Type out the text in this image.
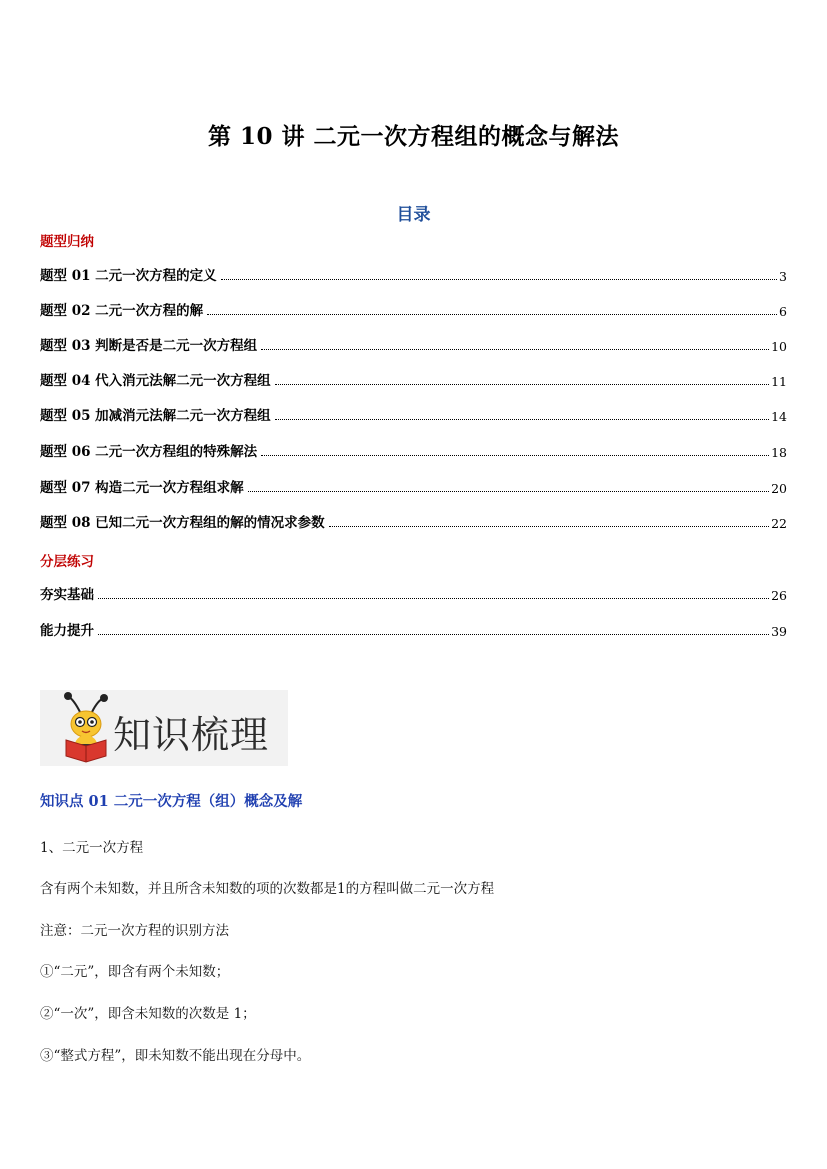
第 10 讲 二元一次方程组的概念与解法
目录
题型归纳
题型 01 二元一次方程的定义	3
题型 02 二元一次方程的解	6
题型 03 判断是否是二元一次方程组	10
题型 04 代入消元法解二元一次方程组	11
题型 05 加减消元法解二元一次方程组	14
题型 06 二元一次方程组的特殊解法	18
题型 07 构造二元一次方程组求解	20
题型 08 已知二元一次方程组的解的情况求参数	22
分层练习
夯实基础	26
能力提升	39
知识梳理
知识点 01 二元一次方程（组）概念及解
1、二元一次方程
含有两个未知数，并且所含未知数的项的次数都是1的方程叫做二元一次方程
注意：二元一次方程的识别方法
①“二元”，即含有两个未知数；
②“一次”，即含未知数的次数是 1；
③“整式方程”，即未知数不能出现在分母中。
